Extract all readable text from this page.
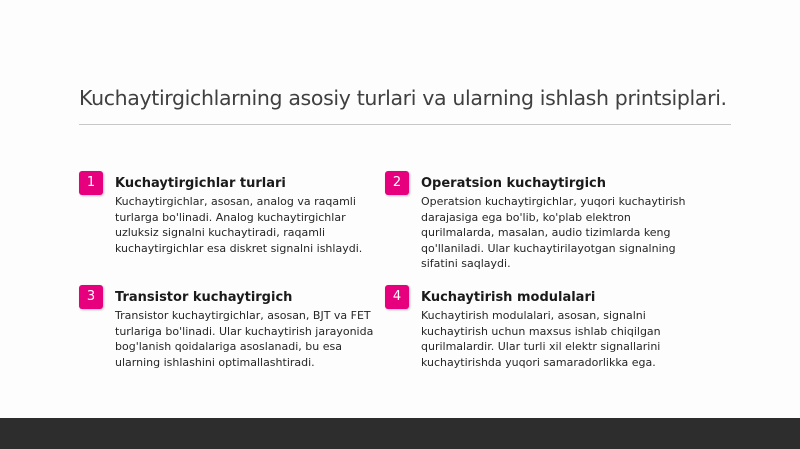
Kuchaytirgichlarning asosiy turlari va ularning ishlash printsiplari.
1	Kuchaytirgichlar turlari
Kuchaytirgichlar, asosan, analog va raqamli
turlarga bo'linadi. Analog kuchaytirgichlar
uzluksiz signalni kuchaytiradi, raqamli
kuchaytirgichlar esa diskret signalni ishlaydi.
2	Operatsion kuchaytirgich
Operatsion kuchaytirgichlar, yuqori kuchaytirish
darajasiga ega bo'lib, ko'plab elektron
qurilmalarda, masalan, audio tizimlarda keng
qo'llaniladi. Ular kuchaytirilayotgan signalning
sifatini saqlaydi.
3	Transistor kuchaytirgich
Transistor kuchaytirgichlar, asosan, BJT va FET
turlariga bo'linadi. Ular kuchaytirish jarayonida
bog'lanish qoidalariga asoslanadi, bu esa
ularning ishlashini optimallashtiradi.
4	Kuchaytirish modulalari
Kuchaytirish modulalari, asosan, signalni
kuchaytirish uchun maxsus ishlab chiqilgan
qurilmalardir. Ular turli xil elektr signallarini
kuchaytirishda yuqori samaradorlikka ega.
